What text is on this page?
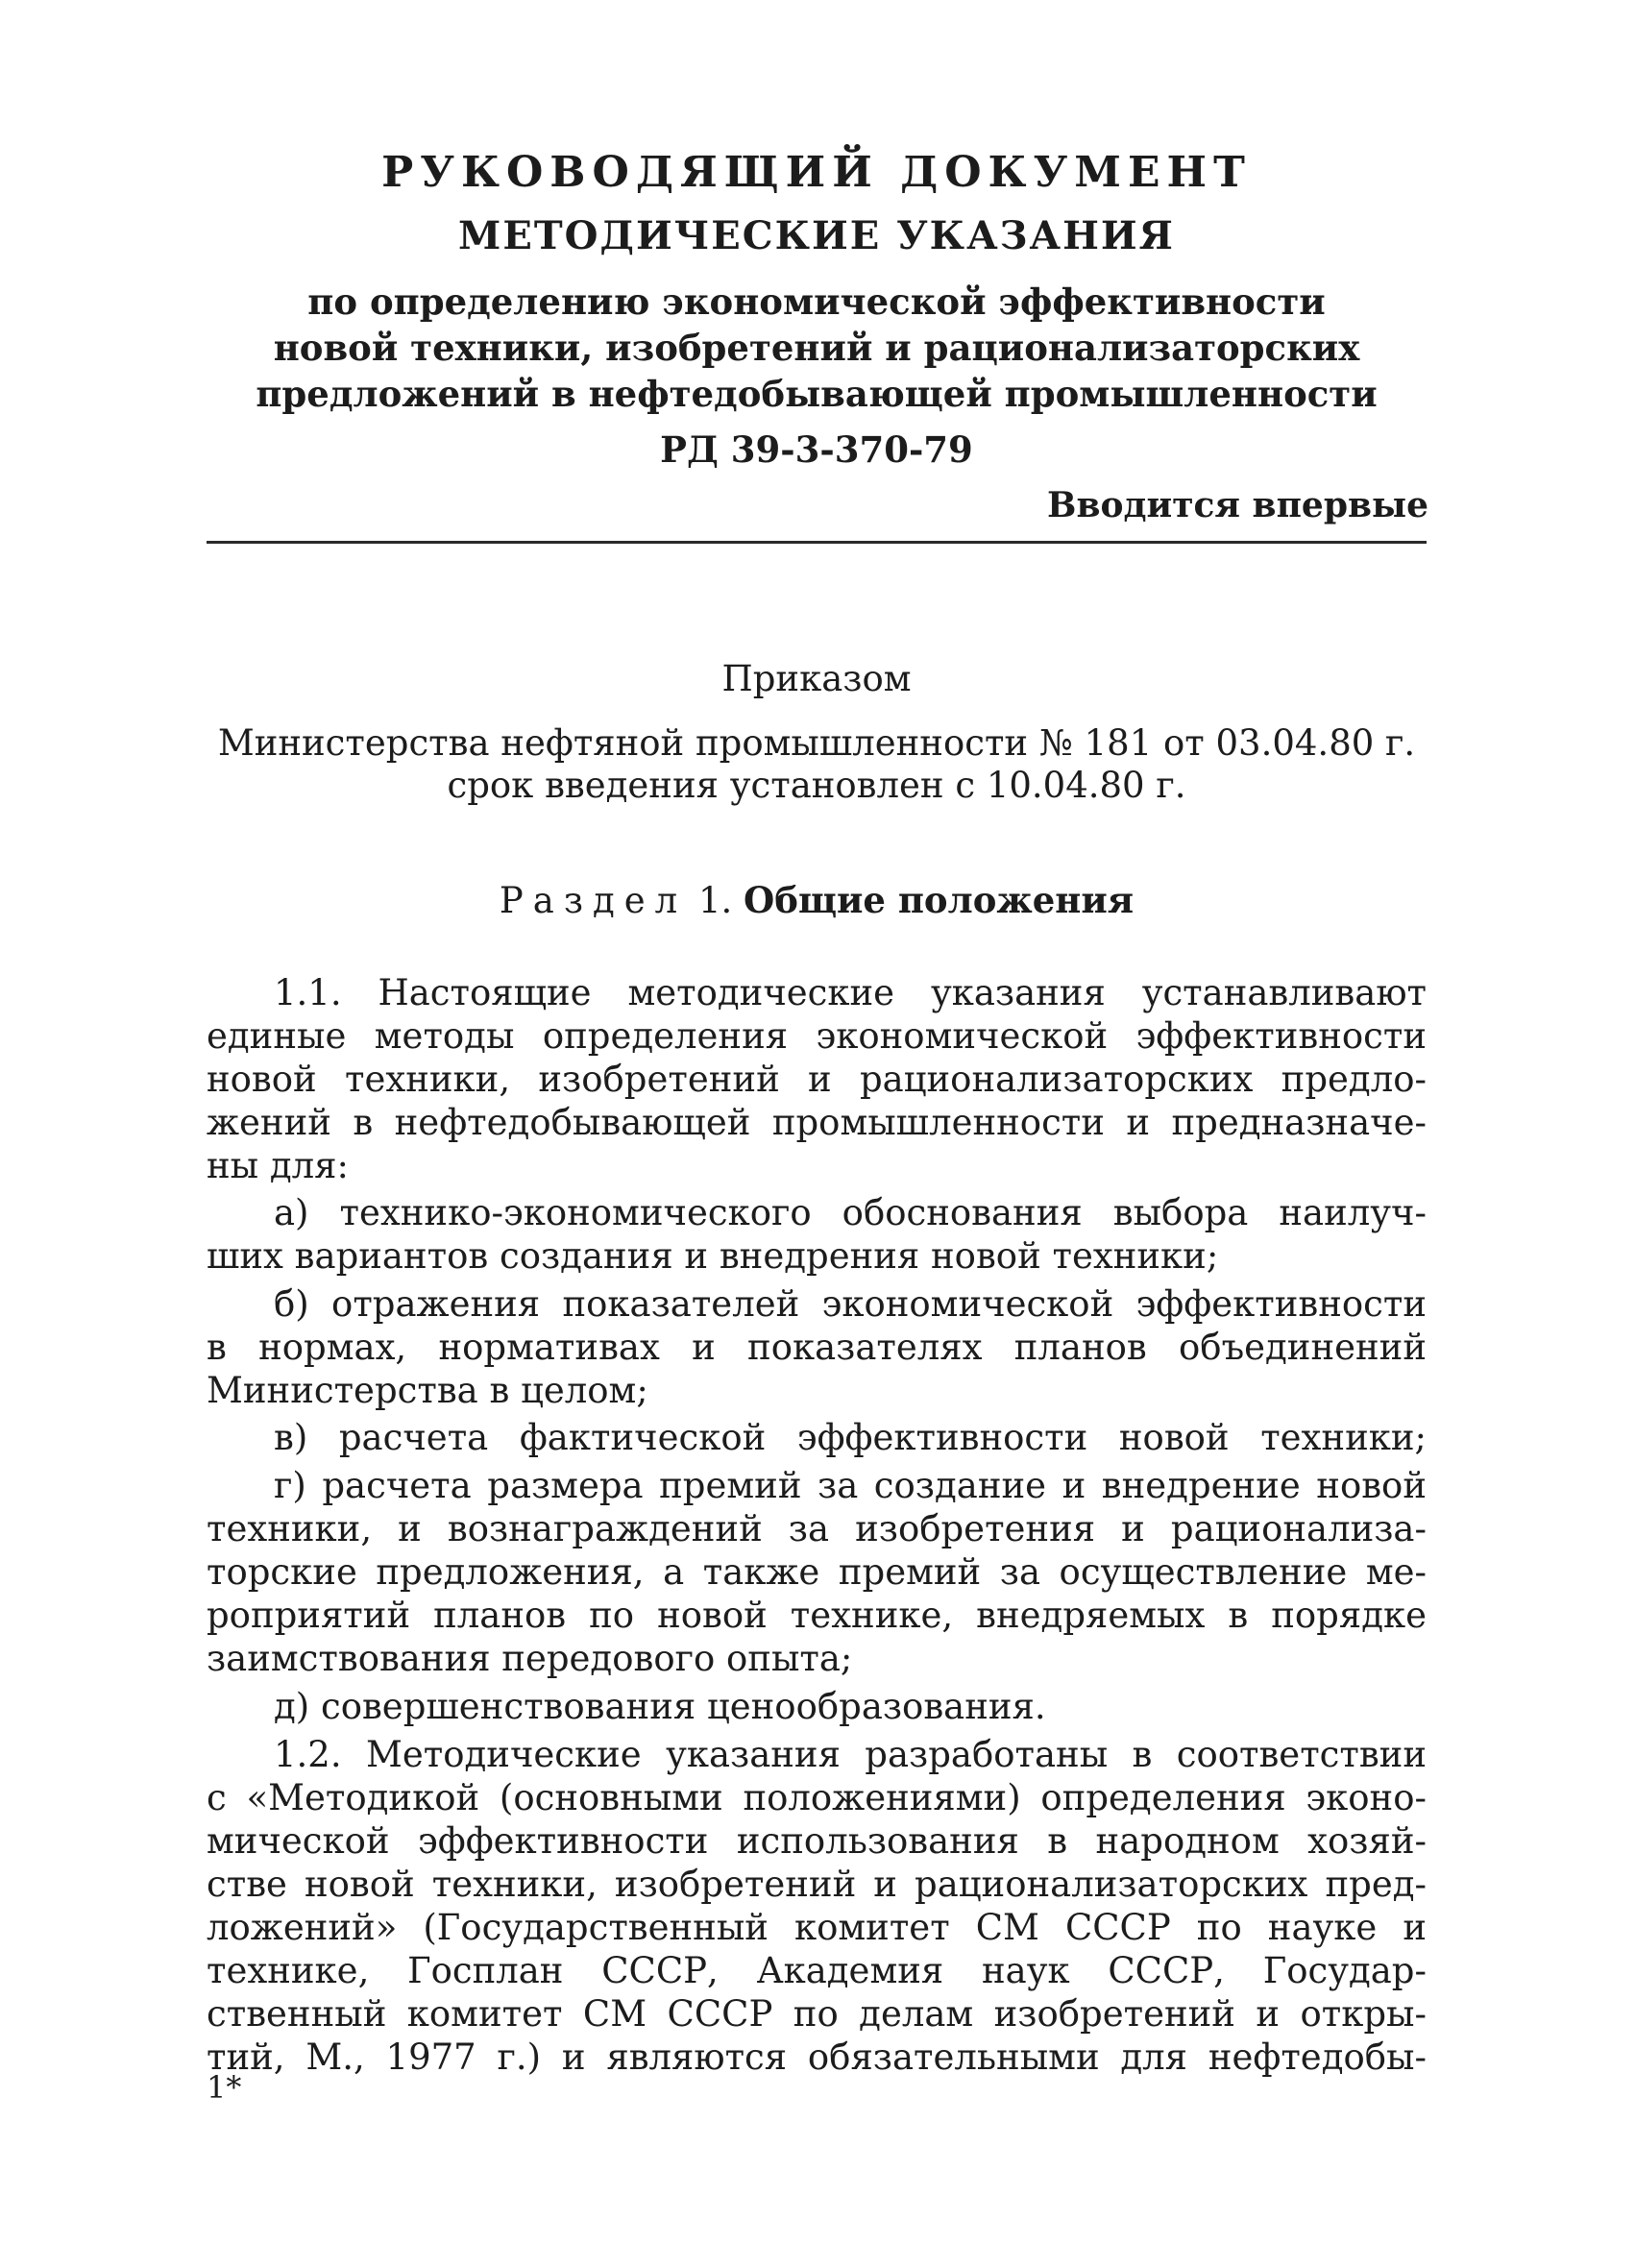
РУКОВОДЯЩИЙ ДОКУМЕНТ
МЕТОДИЧЕСКИЕ УКАЗАНИЯ
по определению экономической эффективности
новой техники, изобретений и рационализаторских
предложений в нефтедобывающей промышленности
РД 39-3-370-79
Вводится впервые
Приказом
Министерства нефтяной промышленности № 181 от 03.04.80 г.
срок введения установлен с 10.04.80 г.
Раздел 1. Общие положения
1.1. Настоящие методические указания устанавливают
единые методы определения экономической эффективности
новой техники, изобретений и рационализаторских предло-
жений в нефтедобывающей промышленности и предназначе-
ны для:
а) технико-экономического обоснования выбора наилуч-
ших вариантов создания и внедрения новой техники;
б) отражения показателей экономической эффективности
в нормах, нормативах и показателях планов объединений
Министерства в целом;
в) расчета фактической эффективности новой техники;
г) расчета размера премий за создание и внедрение новой
техники, и вознаграждений за изобретения и рационализа-
торские предложения, а также премий за осуществление ме-
роприятий планов по новой технике, внедряемых в порядке
заимствования передового опыта;
д) совершенствования ценообразования.
1.2. Методические указания разработаны в соответствии
с «Методикой (основными положениями) определения эконо-
мической эффективности использования в народном хозяй-
стве новой техники, изобретений и рационализаторских пред-
ложений» (Государственный комитет СМ СССР по науке и
технике, Госплан СССР, Академия наук СССР, Государ-
ственный комитет СМ СССР по делам изобретений и откры-
тий, М., 1977 г.) и являются обязательными для нефтедобы-
1*
